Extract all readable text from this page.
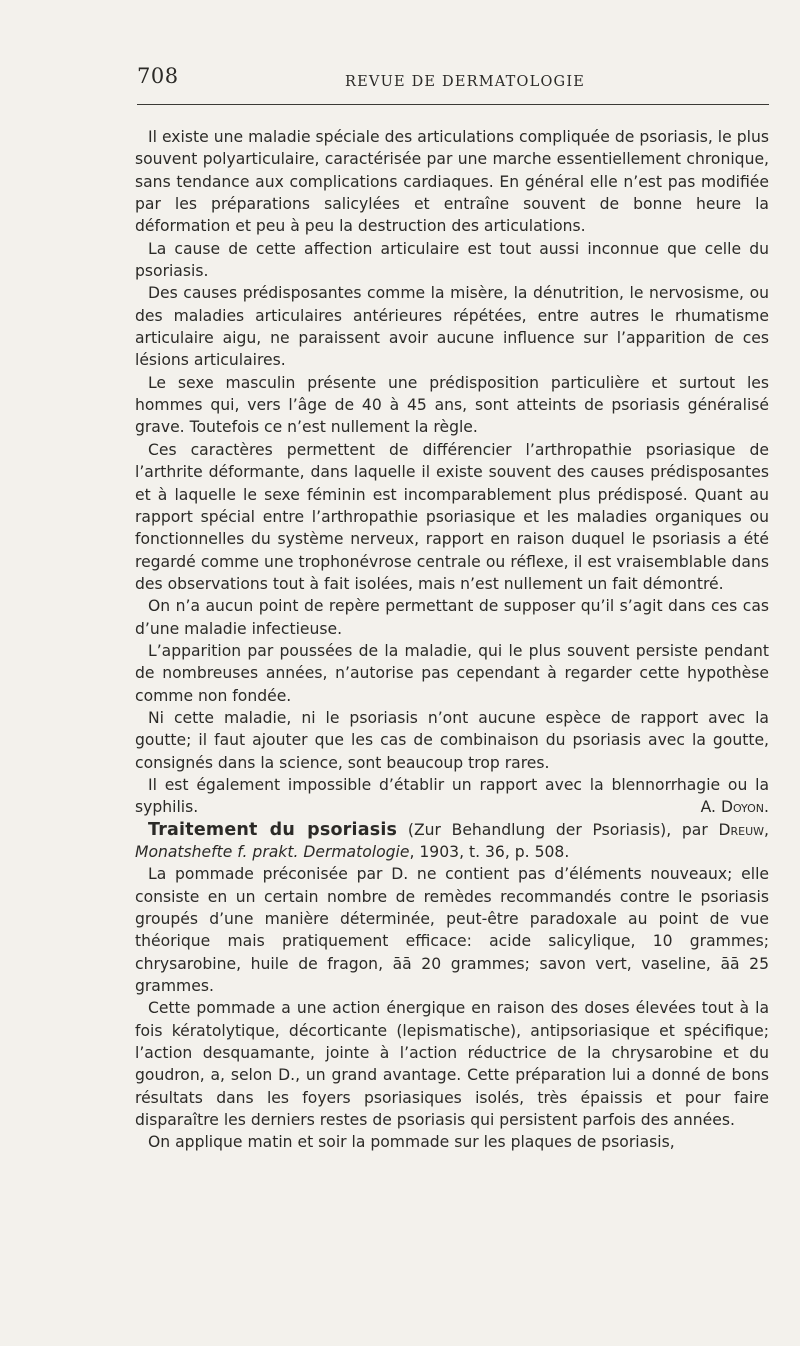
708	REVUE DE DERMATOLOGIE

Il existe une maladie spéciale des articulations compliquée de psoriasis, le plus souvent polyarticulaire, caractérisée par une marche essentiellement chronique, sans tendance aux complications cardiaques. En général elle n’est pas modifiée par les préparations salicylées et entraîne souvent de bonne heure la déformation et peu à peu la destruction des articulations.

La cause de cette affection articulaire est tout aussi inconnue que celle du psoriasis.

Des causes prédisposantes comme la misère, la dénutrition, le nervosisme, ou des maladies articulaires antérieures répétées, entre autres le rhumatisme articulaire aigu, ne paraissent avoir aucune influence sur l’apparition de ces lésions articulaires.

Le sexe masculin présente une prédisposition particulière et surtout les hommes qui, vers l’âge de 40 à 45 ans, sont atteints de psoriasis généralisé grave. Toutefois ce n’est nullement la règle.

Ces caractères permettent de différencier l’arthropathie psoriasique de l’arthrite déformante, dans laquelle il existe souvent des causes prédisposantes et à laquelle le sexe féminin est incomparablement plus prédisposé. Quant au rapport spécial entre l’arthropathie psoriasique et les maladies organiques ou fonctionnelles du système nerveux, rapport en raison duquel le psoriasis a été regardé comme une trophonévrose centrale ou réflexe, il est vraisemblable dans des observations tout à fait isolées, mais n’est nullement un fait démontré.

On n’a aucun point de repère permettant de supposer qu’il s’agit dans ces cas d’une maladie infectieuse.

L’apparition par poussées de la maladie, qui le plus souvent persiste pendant de nombreuses années, n’autorise pas cependant à regarder cette hypothèse comme non fondée.

Ni cette maladie, ni le psoriasis n’ont aucune espèce de rapport avec la goutte; il faut ajouter que les cas de combinaison du psoriasis avec la goutte, consignés dans la science, sont beaucoup trop rares.

Il est également impossible d’établir un rapport avec la blennorrhagie ou la syphilis.	A. Doyon.

Traitement du psoriasis (Zur Behandlung der Psoriasis), par Dreuw, Monatshefte f. prakt. Dermatologie, 1903, t. 36, p. 508.

La pommade préconisée par D. ne contient pas d’éléments nouveaux; elle consiste en un certain nombre de remèdes recommandés contre le psoriasis groupés d’une manière déterminée, peut-être paradoxale au point de vue théorique mais pratiquement efficace: acide salicylique, 10 grammes; chrysarobine, huile de fragon, āā 20 grammes; savon vert, vaseline, āā 25 grammes.

Cette pommade a une action énergique en raison des doses élevées tout à la fois kératolytique, décorticante (lepismatische), antipsoriasique et spécifique; l’action desquamante, jointe à l’action réductrice de la chrysarobine et du goudron, a, selon D., un grand avantage. Cette préparation lui a donné de bons résultats dans les foyers psoriasiques isolés, très épaissis et pour faire disparaître les derniers restes de psoriasis qui persistent parfois des années.

On applique matin et soir la pommade sur les plaques de psoriasis,
